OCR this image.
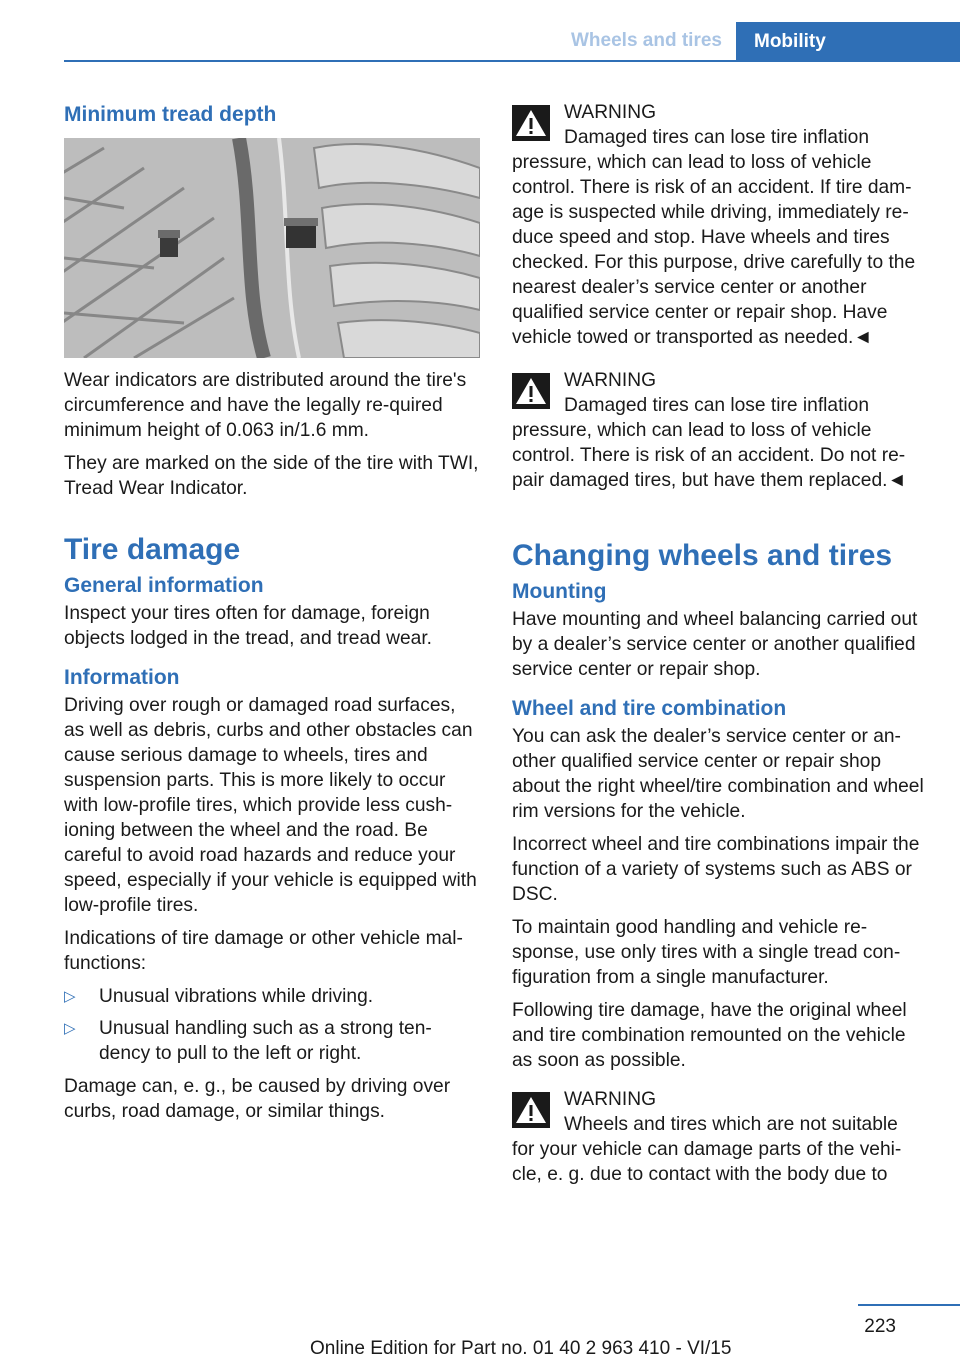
Wheels and tires Mobility
Minimum tread depth

Wear indicators are distributed around the tire's circumference and have the legally re‐quired minimum height of 0.063 in/1.6 mm.

They are marked on the side of the tire with TWI, Tread Wear Indicator.

Tire damage
General information

Inspect your tires often for damage, foreign objects lodged in the tread, and tread wear.

Information

Driving over rough or damaged road surfaces, as well as debris, curbs and other obstacles can cause serious damage to wheels, tires and suspension parts. This is more likely to occur with low-profile tires, which provide less cush‐ioning between the wheel and the road. Be careful to avoid road hazards and reduce your speed, especially if your vehicle is equipped with low-profile tires.

Indications of tire damage or other vehicle mal‐functions:

▷ Unusual vibrations while driving.
▷ Unusual handling such as a strong ten‐dency to pull to the left or right.

Damage can, e. g., be caused by driving over curbs, road damage, or similar things.

WARNING
Damaged tires can lose tire inflation
pressure, which can lead to loss of vehicle control. There is risk of an accident. If tire dam‐age is suspected while driving, immediately re‐duce speed and stop. Have wheels and tires checked. For this purpose, drive carefully to the nearest dealer’s service center or another qualified service center or repair shop. Have vehicle towed or transported as needed.◄
WARNING
Damaged tires can lose tire inflation
pressure, which can lead to loss of vehicle control. There is risk of an accident. Do not re‐pair damaged tires, but have them replaced.◄
Changing wheels and tires
Mounting

Have mounting and wheel balancing carried out by a dealer’s service center or another qualified service center or repair shop.

Wheel and tire combination

You can ask the dealer’s service center or an‐other qualified service center or repair shop about the right wheel/tire combination and wheel rim versions for the vehicle.

Incorrect wheel and tire combinations impair the function of a variety of systems such as ABS or DSC.

To maintain good handling and vehicle re‐sponse, use only tires with a single tread con‐figuration from a single manufacturer.

Following tire damage, have the original wheel and tire combination remounted on the vehicle as soon as possible.

WARNING
Wheels and tires which are not suitable
for your vehicle can damage parts of the vehi‐cle, e. g. due to contact with the body due to
223
Online Edition for Part no. 01 40 2 963 410 - VI/15
